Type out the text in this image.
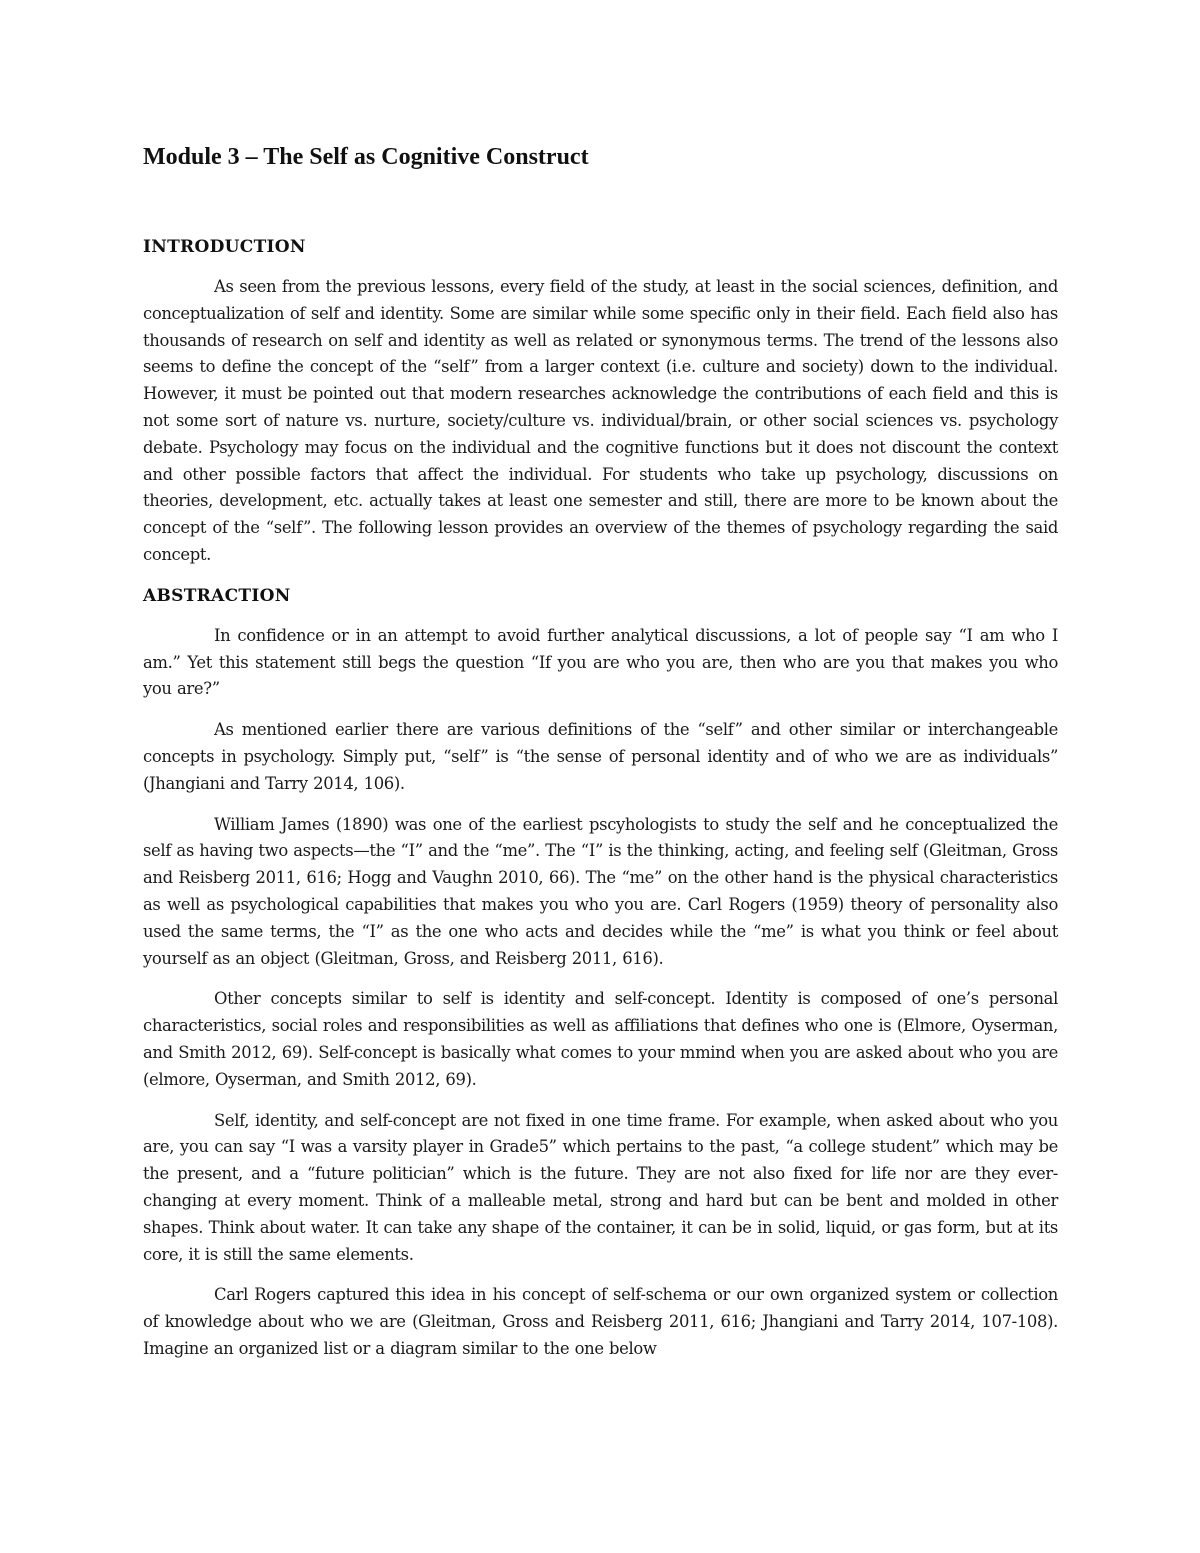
Module 3 – The Self as Cognitive Construct
INTRODUCTION

As seen from the previous lessons, every field of the study, at least in the social sciences, definition, and conceptualization of self and identity. Some are similar while some specific only in their field. Each field also has thousands of research on self and identity as well as related or synonymous terms. The trend of the lessons also seems to define the concept of the “self” from a larger context (i.e. culture and society) down to the individual. However, it must be pointed out that modern researches acknowledge the contributions of each field and this is not some sort of nature vs. nurture, society/culture vs. individual/brain, or other social sciences vs. psychology debate. Psychology may focus on the individual and the cognitive functions but it does not discount the context and other possible factors that affect the individual. For students who take up psychology, discussions on theories, development, etc. actually takes at least one semester and still, there are more to be known about the concept of the “self”. The following lesson provides an overview of the themes of psychology regarding the said concept.

ABSTRACTION

In confidence or in an attempt to avoid further analytical discussions, a lot of people say “I am who I am.” Yet this statement still begs the question “If you are who you are, then who are you that makes you who you are?”

As mentioned earlier there are various definitions of the “self” and other similar or interchangeable concepts in psychology. Simply put, “self” is “the sense of personal identity and of who we are as individuals” (Jhangiani and Tarry 2014, 106).

William James (1890) was one of the earliest pscyhologists to study the self and he conceptualized the self as having two aspects—the “I” and the “me”. The “I” is the thinking, acting, and feeling self (Gleitman, Gross and Reisberg 2011, 616; Hogg and Vaughn 2010, 66). The “me” on the other hand is the physical characteristics as well as psychological capabilities that makes you who you are. Carl Rogers (1959) theory of personality also used the same terms, the “I” as the one who acts and decides while the “me” is what you think or feel about yourself as an object (Gleitman, Gross, and Reisberg 2011, 616).

Other concepts similar to self is identity and self-concept. Identity is composed of one’s personal characteristics, social roles and responsibilities as well as affiliations that defines who one is (Elmore, Oyserman, and Smith 2012, 69). Self-concept is basically what comes to your mmind when you are asked about who you are (elmore, Oyserman, and Smith 2012, 69).

Self, identity, and self-concept are not fixed in one time frame. For example, when asked about who you are, you can say “I was a varsity player in Grade5” which pertains to the past, “a college student” which may be the present, and a “future politician” which is the future. They are not also fixed for life nor are they ever-changing at every moment. Think of a malleable metal, strong and hard but can be bent and molded in other shapes. Think about water. It can take any shape of the container, it can be in solid, liquid, or gas form, but at its core, it is still the same elements.

Carl Rogers captured this idea in his concept of self-schema or our own organized system or collection of knowledge about who we are (Gleitman, Gross and Reisberg 2011, 616; Jhangiani and Tarry 2014, 107-108). Imagine an organized list or a diagram similar to the one below
